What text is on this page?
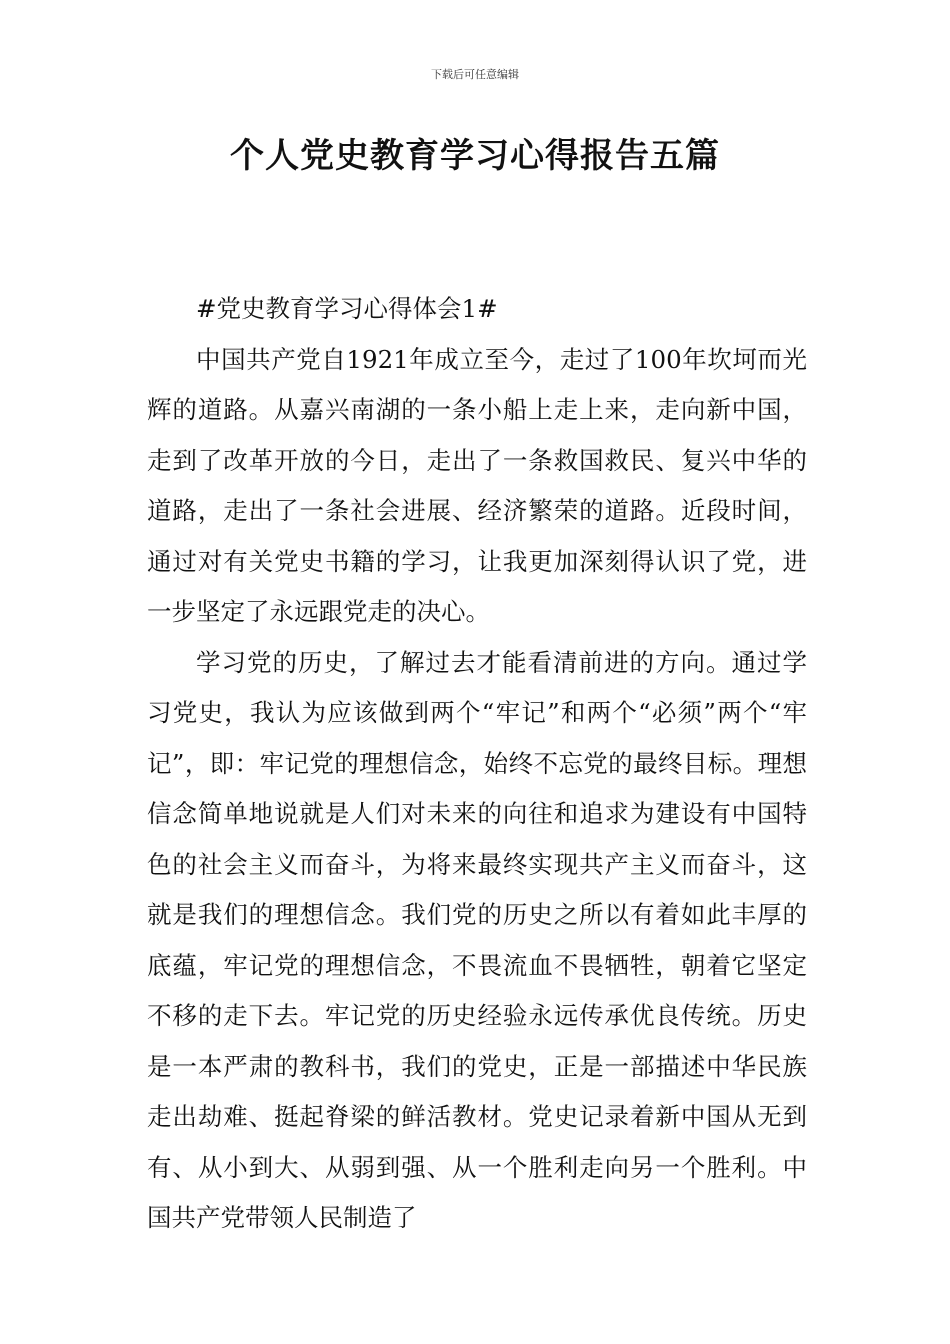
下载后可任意编辑
个人党史教育学习心得报告五篇

#党史教育学习心得体会1#

中国共产党自1921年成立至今，走过了100年坎坷而光辉的道路。从嘉兴南湖的一条小船上走上来，走向新中国，走到了改革开放的今日，走出了一条救国救民、复兴中华的道路，走出了一条社会进展、经济繁荣的道路。近段时间，通过对有关党史书籍的学习，让我更加深刻得认识了党，进一步坚定了永远跟党走的决心。

学习党的历史，了解过去才能看清前进的方向。通过学习党史，我认为应该做到两个“牢记”和两个“必须”两个“牢记”，即：牢记党的理想信念，始终不忘党的最终目标。理想信念简单地说就是人们对未来的向往和追求为建设有中国特色的社会主义而奋斗，为将来最终实现共产主义而奋斗，这就是我们的理想信念。我们党的历史之所以有着如此丰厚的底蕴，牢记党的理想信念，不畏流血不畏牺牲，朝着它坚定不移的走下去。牢记党的历史经验永远传承优良传统。历史是一本严肃的教科书，我们的党史，正是一部描述中华民族走出劫难、挺起脊梁的鲜活教材。党史记录着新中国从无到有、从小到大、从弱到强、从一个胜利走向另一个胜利。中国共产党带领人民制造了
